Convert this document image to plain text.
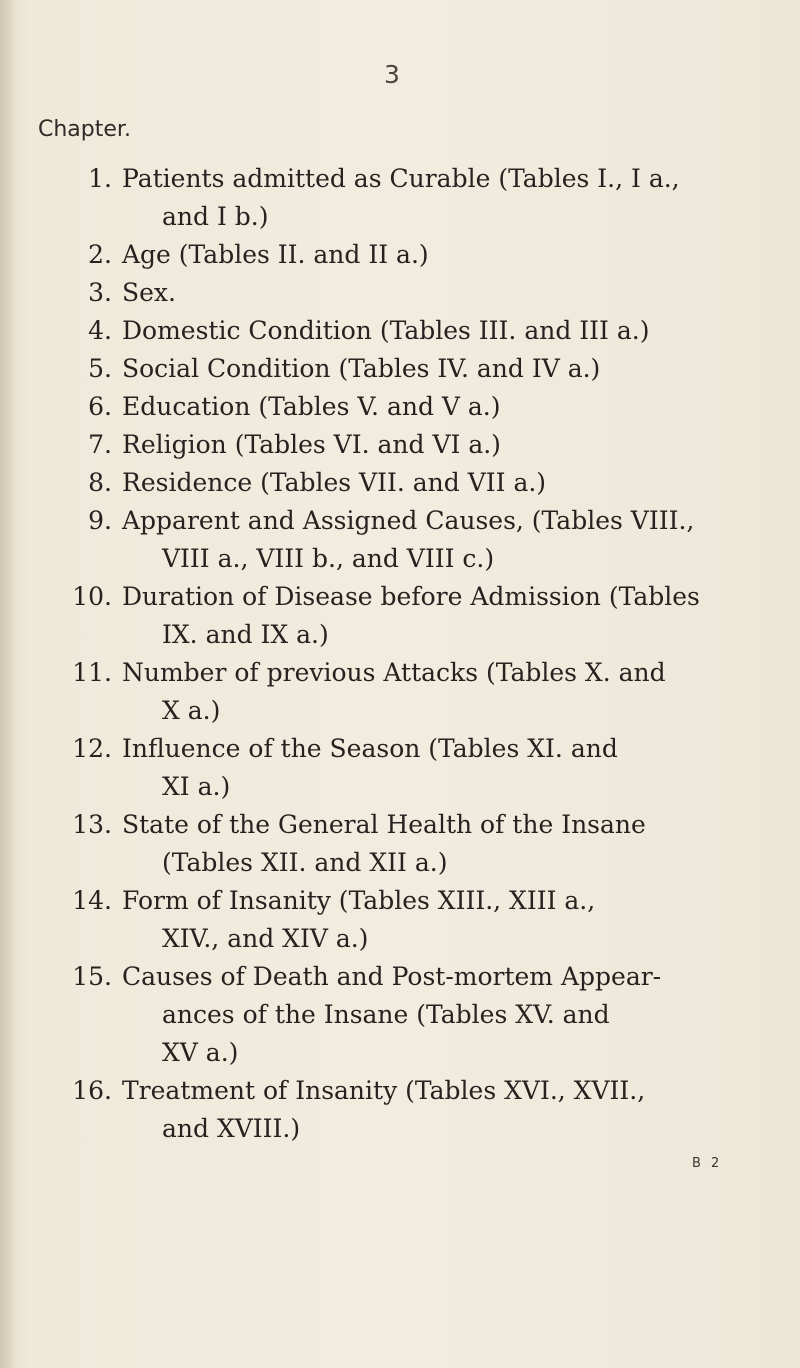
3
Chapter.
1. Patients admitted as Curable (Tables I., I a.,
and I b.)
2. Age (Tables II. and II a.)
3. Sex.
4. Domestic Condition (Tables III. and III a.)
5. Social Condition (Tables IV. and IV a.)
6. Education (Tables V. and V a.)
7. Religion (Tables VI. and VI a.)
8. Residence (Tables VII. and VII a.)
9. Apparent and Assigned Causes, (Tables VIII.,
VIII a., VIII b., and VIII c.)
10. Duration of Disease before Admission (Tables
IX. and IX a.)
11. Number of previous Attacks (Tables X. and
X a.)
12. Influence of the Season (Tables XI. and
XI a.)
13. State of the General Health of the Insane
(Tables XII. and XII a.)
14. Form of Insanity (Tables XIII., XIII a.,
XIV., and XIV a.)
15. Causes of Death and Post-mortem Appear-
ances of the Insane (Tables XV. and
XV a.)
16. Treatment of Insanity (Tables XVI., XVII.,
and XVIII.)
B 2
